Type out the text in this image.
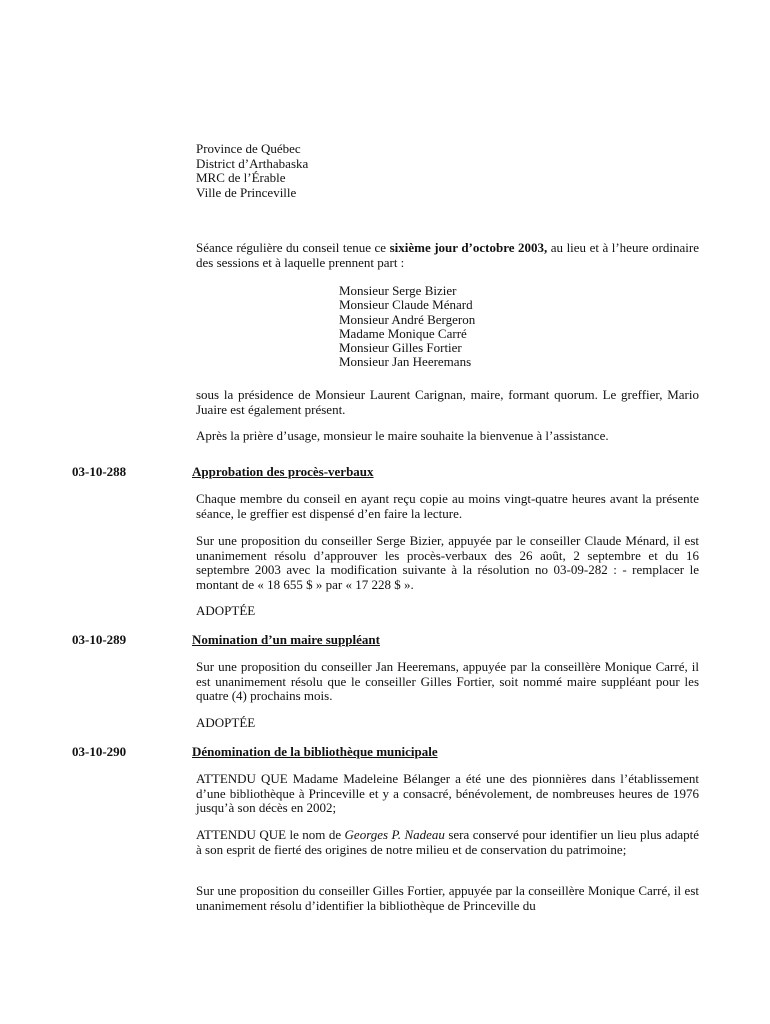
Province de Québec
District d’Arthabaska
MRC de l’Érable
Ville de Princeville
Séance régulière du conseil tenue ce sixième jour d’octobre 2003, au lieu et à l’heure ordinaire des sessions et à laquelle prennent part :
Monsieur Serge Bizier
Monsieur Claude Ménard
Monsieur André Bergeron
Madame Monique Carré
Monsieur Gilles Fortier
Monsieur Jan Heeremans
sous la présidence de Monsieur Laurent Carignan, maire, formant quorum. Le greffier, Mario Juaire est également présent.
Après la prière d’usage, monsieur le maire souhaite la bienvenue à l’assistance.
03-10-288	Approbation des procès-verbaux
Chaque membre du conseil en ayant reçu copie au moins vingt-quatre heures avant la présente séance, le greffier est dispensé d’en faire la lecture.
Sur une proposition du conseiller Serge Bizier, appuyée par le conseiller Claude Ménard, il est unanimement résolu d’approuver les procès-verbaux des 26 août, 2 septembre et du 16 septembre 2003 avec la modification suivante à la résolution no 03-09-282 : - remplacer le montant de « 18 655 $ » par « 17 228 $ ».
ADOPTÉE
03-10-289	Nomination d’un maire suppléant
Sur une proposition du conseiller Jan Heeremans, appuyée par la conseillère Monique Carré, il est unanimement résolu que le conseiller Gilles Fortier, soit nommé maire suppléant pour les quatre (4) prochains mois.
ADOPTÉE
03-10-290	Dénomination de la bibliothèque municipale
ATTENDU QUE Madame Madeleine Bélanger a été une des pionnières dans l’établissement d’une bibliothèque à Princeville et y a consacré, bénévolement, de nombreuses heures de 1976 jusqu’à son décès en 2002;
ATTENDU QUE le nom de Georges P. Nadeau sera conservé pour identifier un lieu plus adapté à son esprit de fierté des origines de notre milieu et de conservation du patrimoine;
Sur une proposition du conseiller Gilles Fortier, appuyée par la conseillère Monique Carré, il est unanimement résolu d’identifier la bibliothèque de Princeville du
